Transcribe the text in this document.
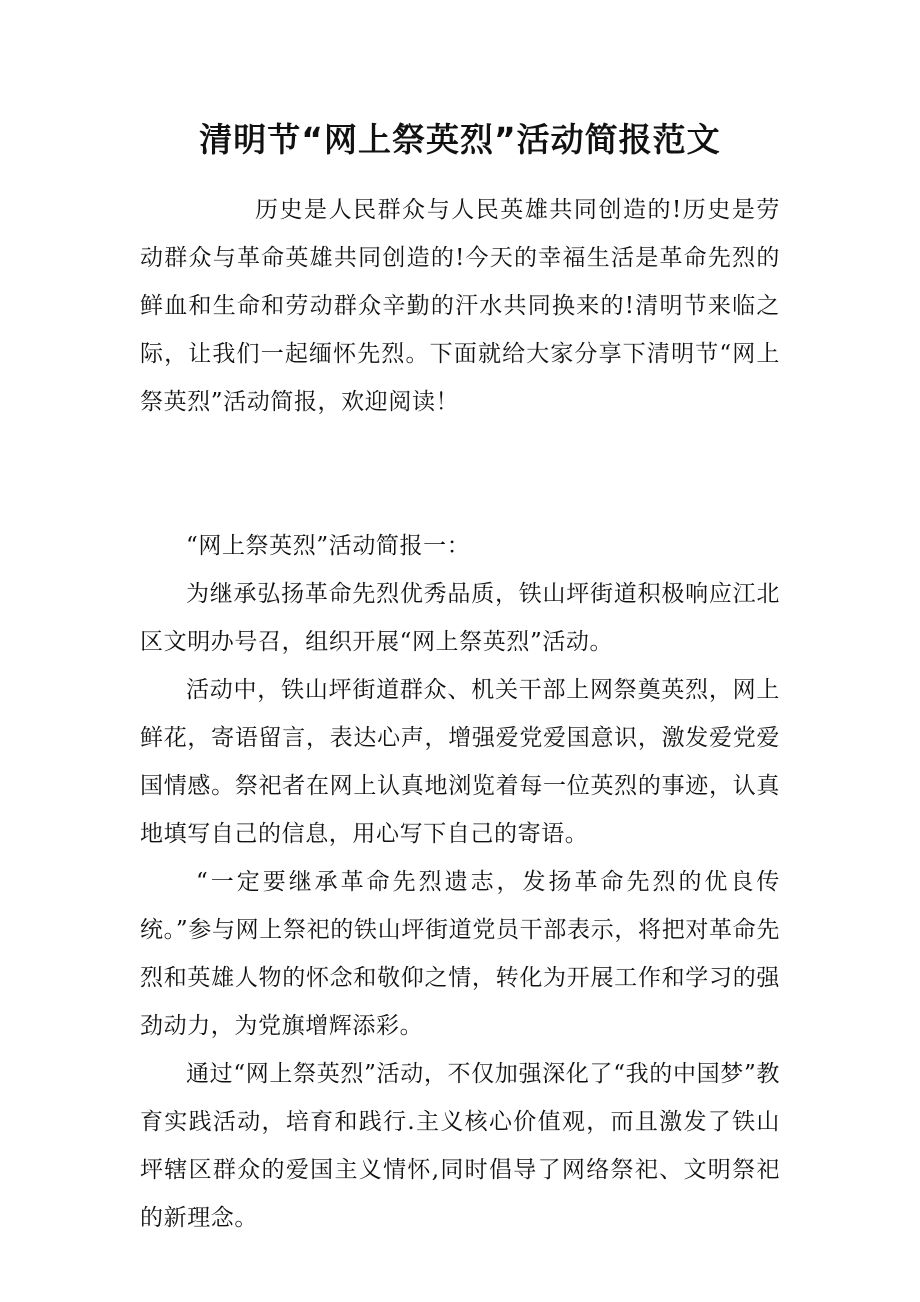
清明节“网上祭英烈”活动简报范文

历史是人民群众与人民英雄共同创造的!历史是劳动群众与革命英雄共同创造的!今天的幸福生活是革命先烈的鲜血和生命和劳动群众辛勤的汗水共同换来的!清明节来临之际，让我们一起缅怀先烈。下面就给大家分享下清明节“网上祭英烈”活动简报，欢迎阅读！

“网上祭英烈”活动简报一：

为继承弘扬革命先烈优秀品质，铁山坪街道积极响应江北区文明办号召，组织开展“网上祭英烈”活动。

活动中，铁山坪街道群众、机关干部上网祭奠英烈，网上鲜花，寄语留言，表达心声，增强爱党爱国意识，激发爱党爱国情感。祭祀者在网上认真地浏览着每一位英烈的事迹，认真地填写自己的信息，用心写下自己的寄语。

“一定要继承革命先烈遗志，发扬革命先烈的优良传统。”参与网上祭祀的铁山坪街道党员干部表示，将把对革命先烈和英雄人物的怀念和敬仰之情，转化为开展工作和学习的强劲动力，为党旗增辉添彩。

通过“网上祭英烈”活动，不仅加强深化了“我的中国梦”教育实践活动，培育和践行.主义核心价值观，而且激发了铁山坪辖区群众的爱国主义情怀,同时倡导了网络祭祀、文明祭祀的新理念。
